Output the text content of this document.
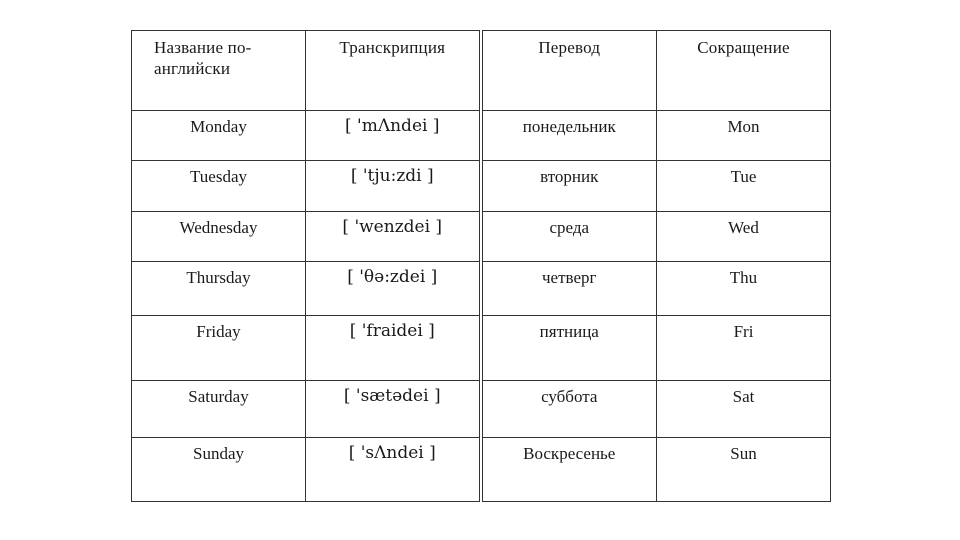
Название по-английски	Транскрипция	Перевод	Сокращение
Monday	[ 'mΛndei ]	понедельник	Mon
Tuesday	[ 'tju:zdi ]	вторник	Tue
Wednesday	[ 'wenzdei ]	среда	Wed
Thursday	[ 'θə:zdei ]	четверг	Thu
Friday	[ 'fraidei ]	пятница	Fri
Saturday	[ 'sætədei ]	суббота	Sat
Sunday	[ 'sΛndei ]	Воскресенье	Sun
